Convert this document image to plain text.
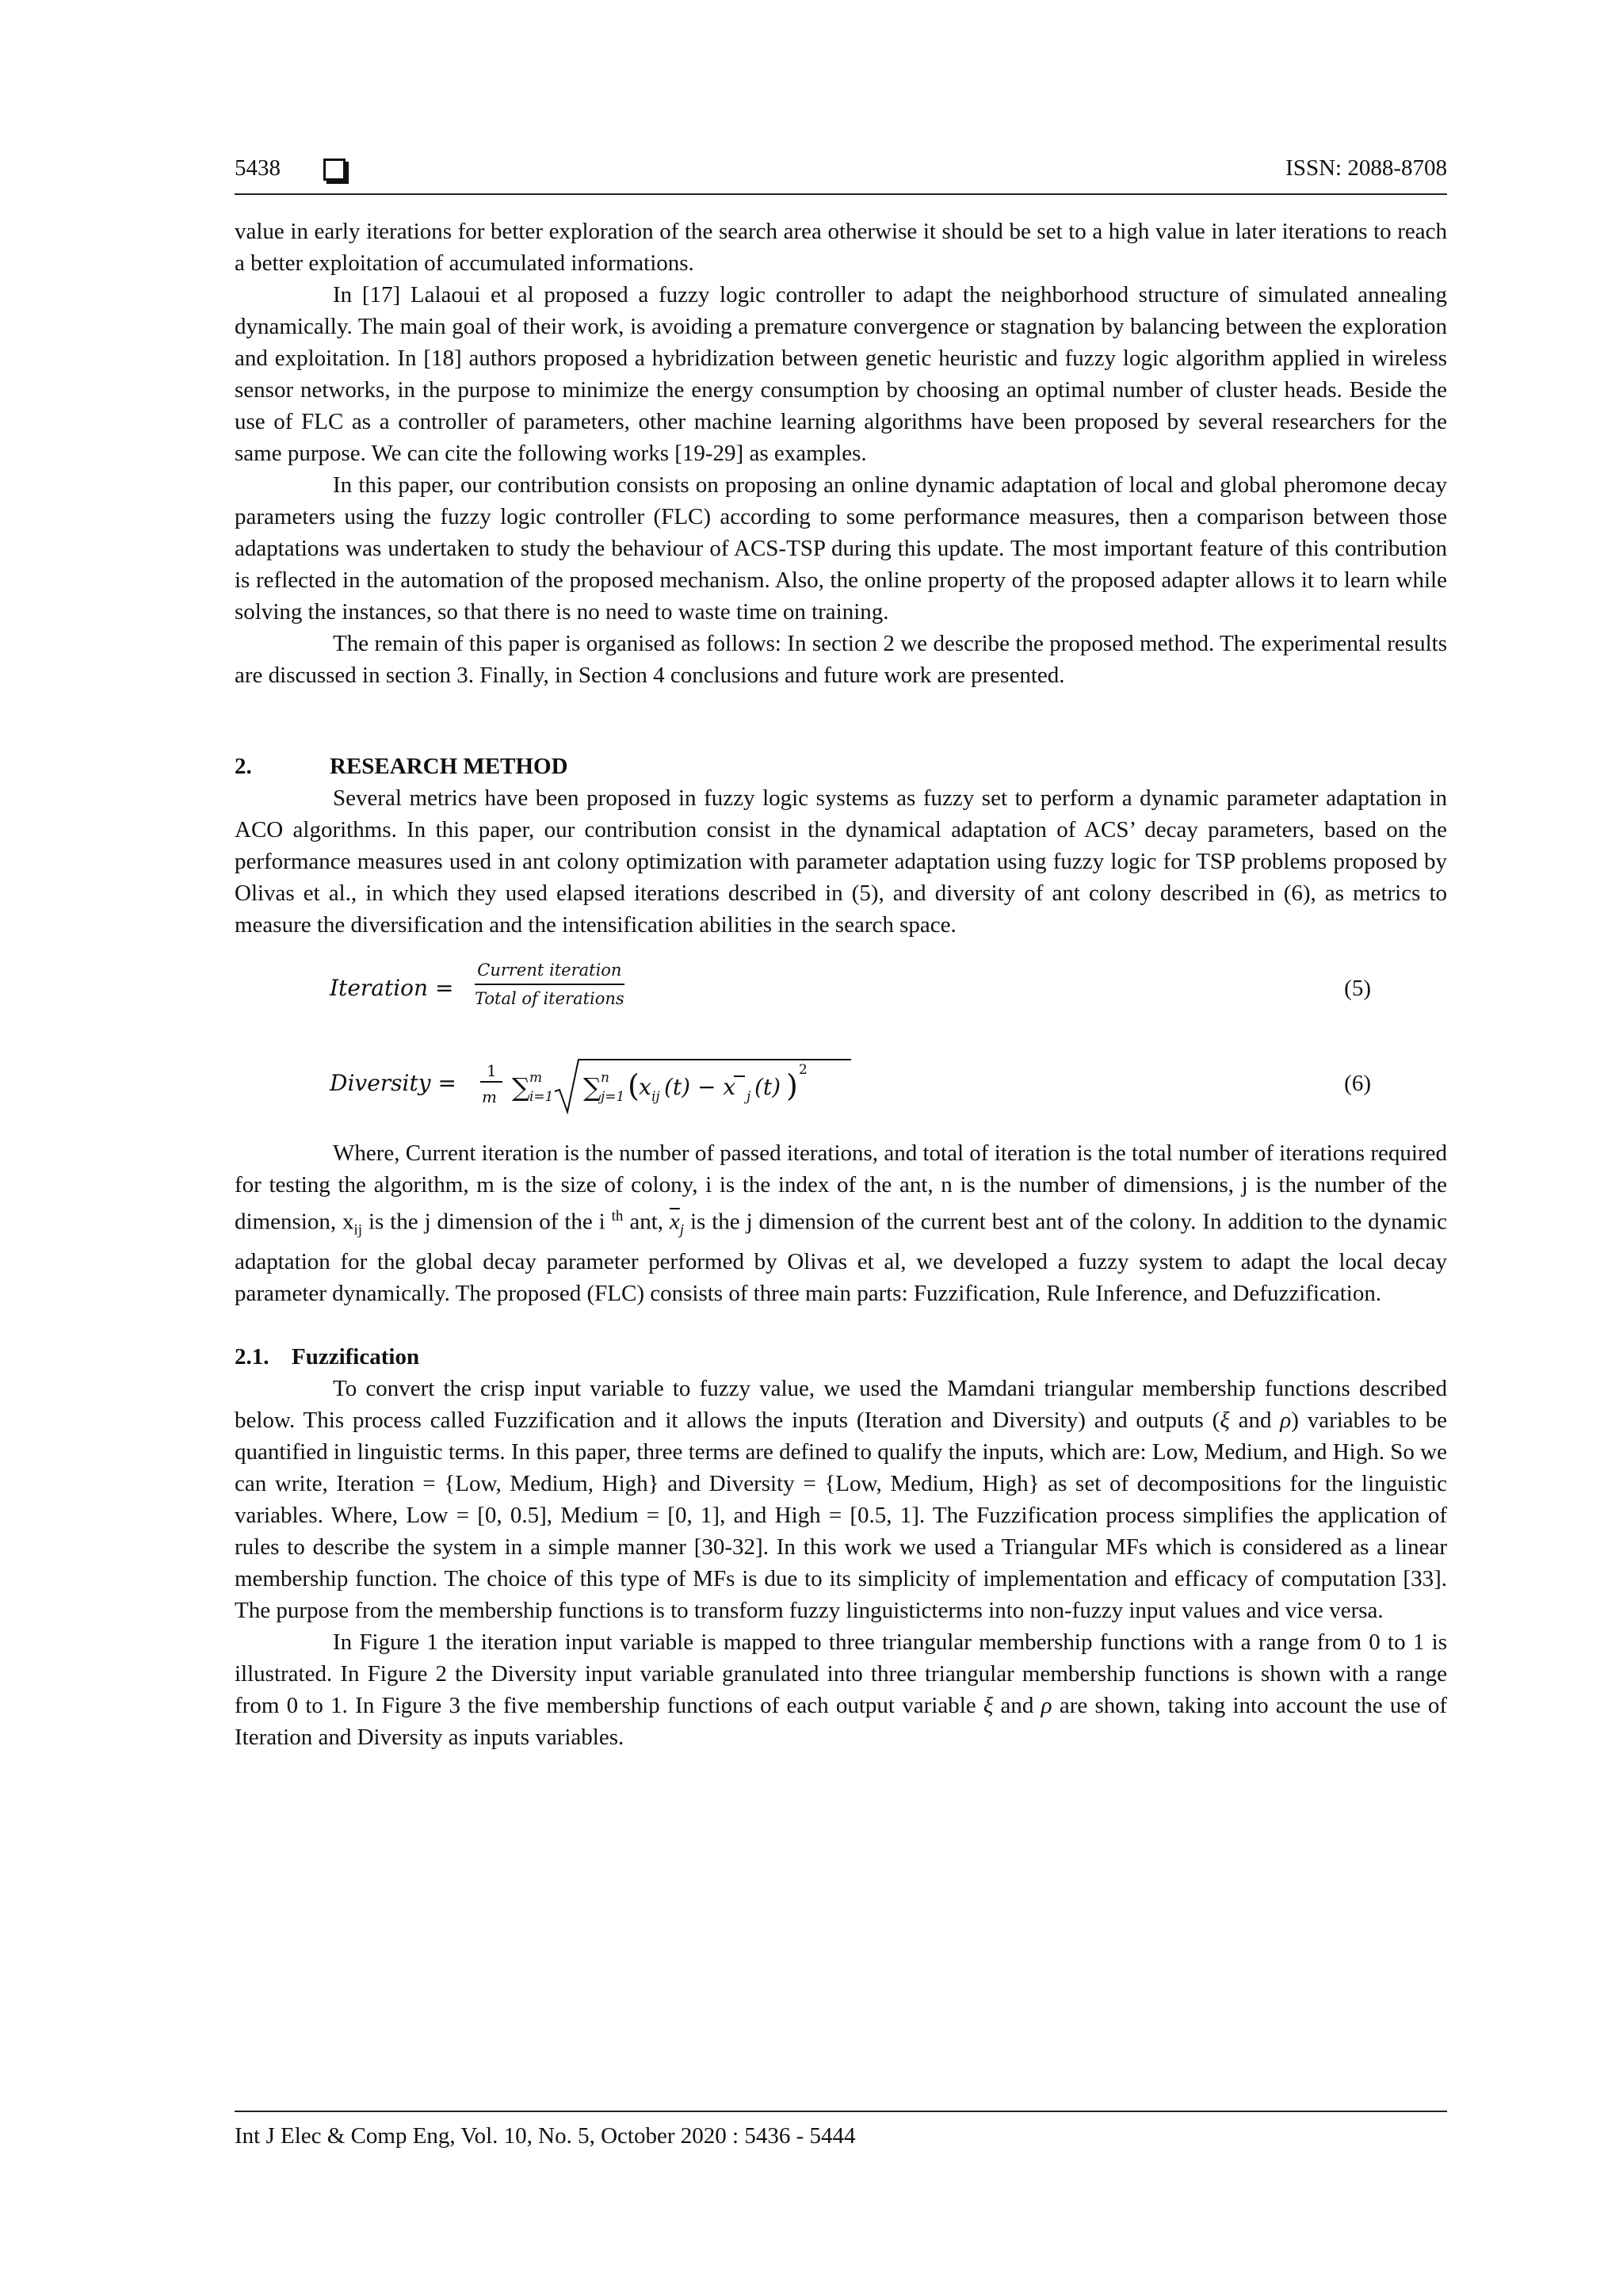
5438	ISSN: 2088-8708

value in early iterations for better exploration of the search area otherwise it should be set to a high value in later iterations to reach a better exploitation of accumulated informations.

In [17] Lalaoui et al proposed a fuzzy logic controller to adapt the neighborhood structure of simulated annealing dynamically. The main goal of their work, is avoiding a premature convergence or stagnation by balancing between the exploration and exploitation. In [18] authors proposed a hybridization between genetic heuristic and fuzzy logic algorithm applied in wireless sensor networks, in the purpose to minimize the energy consumption by choosing an optimal number of cluster heads. Beside the use of FLC as a controller of parameters, other machine learning algorithms have been proposed by several researchers for the same purpose. We can cite the following works [19-29] as examples.

In this paper, our contribution consists on proposing an online dynamic adaptation of local and global pheromone decay parameters using the fuzzy logic controller (FLC) according to some performance measures, then a comparison between those adaptations was undertaken to study the behaviour of ACS-TSP during this update. The most important feature of this contribution is reflected in the automation of the proposed mechanism. Also, the online property of the proposed adapter allows it to learn while solving the instances, so that there is no need to waste time on training.

The remain of this paper is organised as follows: In section 2 we describe the proposed method. The experimental results are discussed in section 3. Finally, in Section 4 conclusions and future work are presented.

2.	RESEARCH METHOD

Several metrics have been proposed in fuzzy logic systems as fuzzy set to perform a dynamic parameter adaptation in ACO algorithms. In this paper, our contribution consist in the dynamical adaptation of ACS’ decay parameters, based on the performance measures used in ant colony optimization with parameter adaptation using fuzzy logic for TSP problems proposed by Olivas et al., in which they used elapsed iterations described in (5), and diversity of ant colony described in (6), as metrics to measure the diversification and the intensification abilities in the search space.

Iteration =
Current iteration
Total of iterations	(5)
Diversity = 1
m ∑ m
i=1 ∑ n
j=1 ( x ij (t) − x j (t) ) 2
(6)

Where, Current iteration is the number of passed iterations, and total of iteration is the total number of iterations required for testing the algorithm, m is the size of colony, i is the index of the ant, n is the number of dimensions, j is the number of the dimension, $x_{ij}$ is the j dimension of the i $^{th}$ ant, $\overline{x}_j$ is the j dimension of the current best ant of the colony. In addition to the dynamic adaptation for the global decay parameter performed by Olivas et al, we developed a fuzzy system to adapt the local decay parameter dynamically. The proposed (FLC) consists of three main parts: Fuzzification, Rule Inference, and Defuzzification.

2.1. Fuzzification

To convert the crisp input variable to fuzzy value, we used the Mamdani triangular membership functions described below. This process called Fuzzification and it allows the inputs (Iteration and Diversity) and outputs (ξ and ρ) variables to be quantified in linguistic terms. In this paper, three terms are defined to qualify the inputs, which are: Low, Medium, and High. So we can write, Iteration = {Low, Medium, High} and Diversity = {Low, Medium, High} as set of decompositions for the linguistic variables. Where, Low = [0, 0.5], Medium = [0, 1], and High = [0.5, 1]. The Fuzzification process simplifies the application of rules to describe the system in a simple manner [30-32]. In this work we used a Triangular MFs which is considered as a linear membership function. The choice of this type of MFs is due to its simplicity of implementation and efficacy of computation [33]. The purpose from the membership functions is to transform fuzzy linguisticterms into non-fuzzy input values and vice versa.

In Figure 1 the iteration input variable is mapped to three triangular membership functions with a range from 0 to 1 is illustrated. In Figure 2 the Diversity input variable granulated into three triangular membership functions is shown with a range from 0 to 1. In Figure 3 the five membership functions of each output variable ξ and ρ are shown, taking into account the use of Iteration and Diversity as inputs variables.

Int J Elec & Comp Eng, Vol. 10, No. 5, October 2020 : 5436 - 5444
